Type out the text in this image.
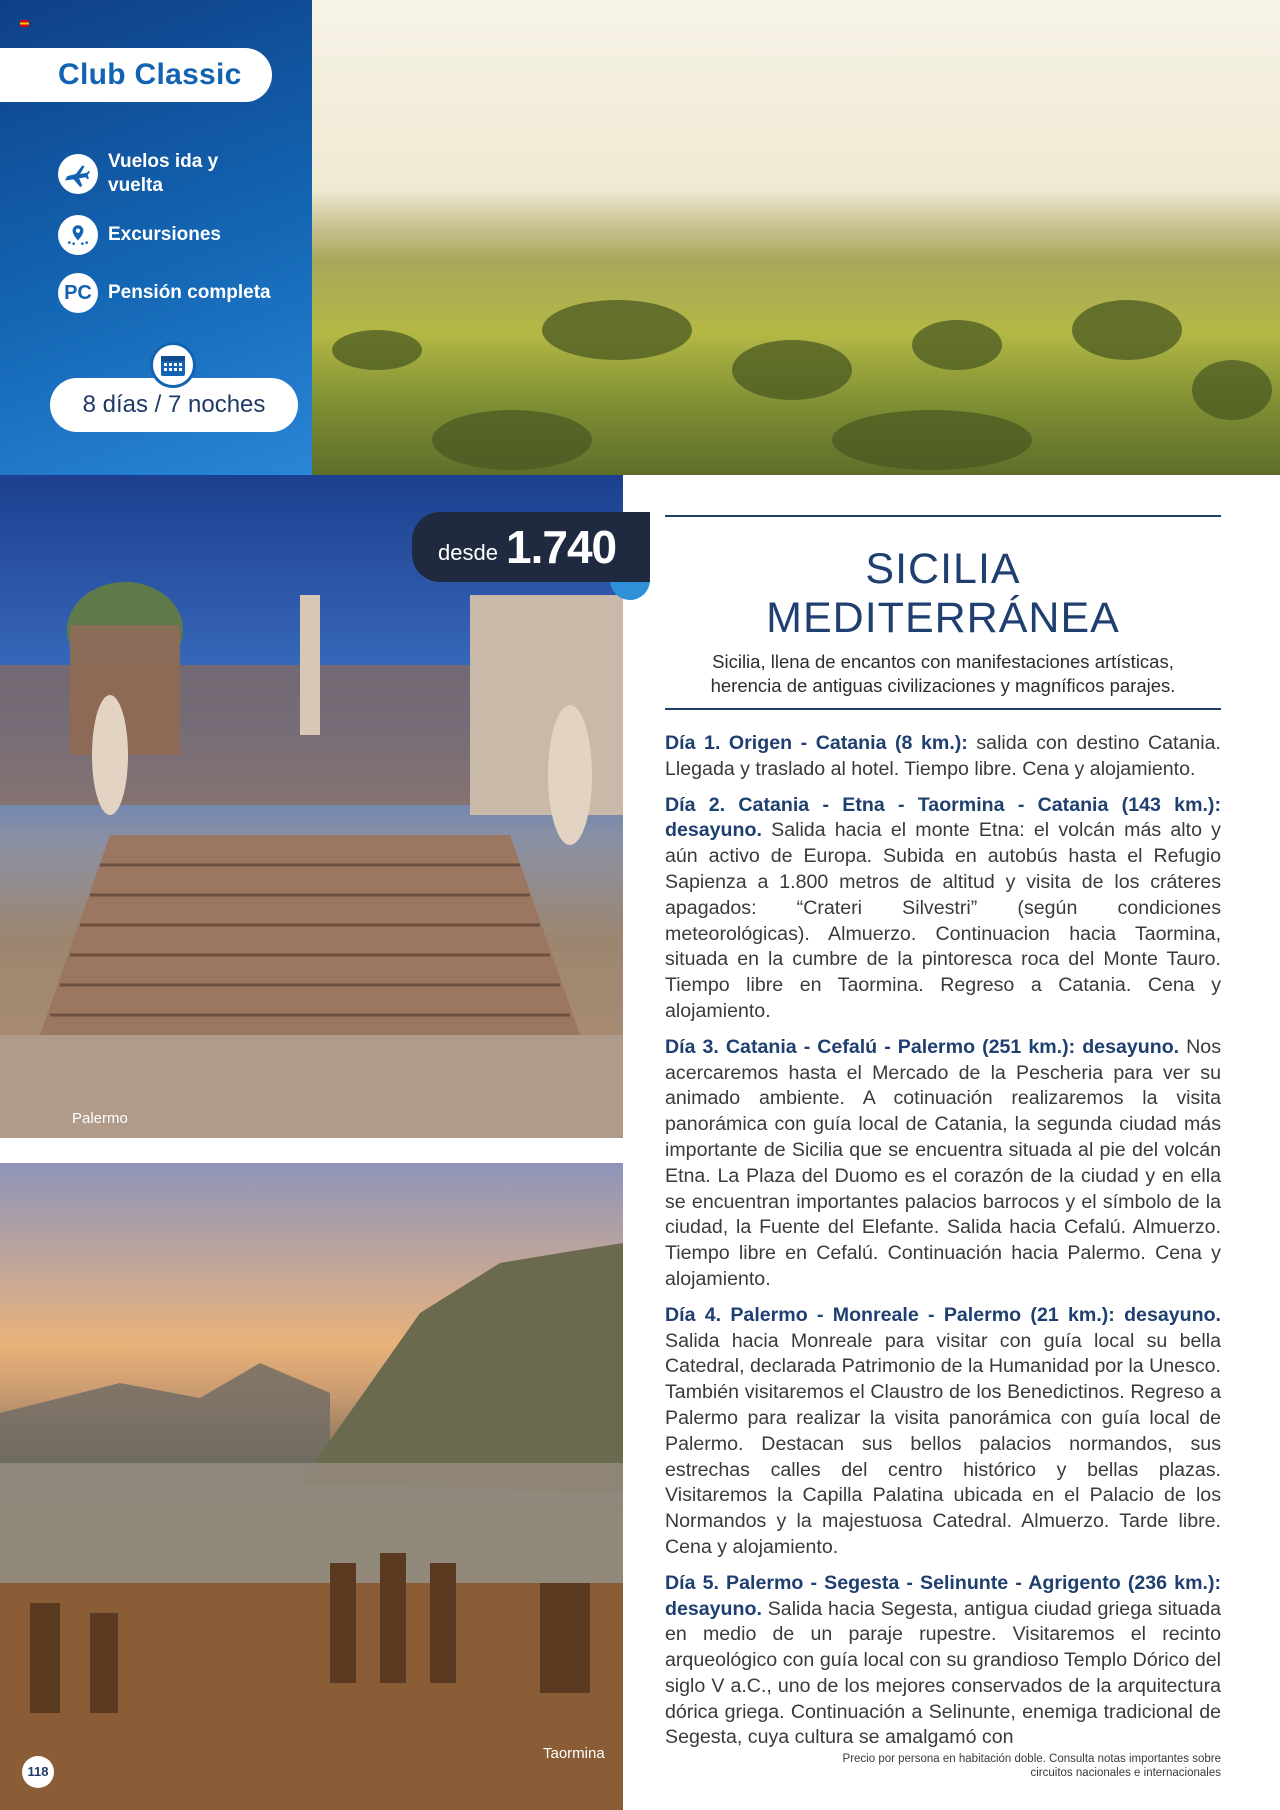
Club Classic
Vuelos ida y
vuelta
Excursiones
PC Pensión completa
8 días / 7 noches
Palermo
desde 1.740
Taormina
118
SICILIA
MEDITERRÁNEA
Sicilia, llena de encantos con manifestaciones artísticas,
herencia de antiguas civilizaciones y magníficos parajes.

Día 1. Origen - Catania (8 km.): salida con destino Catania. Llegada y traslado al hotel. Tiempo libre. Cena y alojamiento.

Día 2. Catania - Etna - Taormina - Catania (143 km.): desayuno. Salida hacia el monte Etna: el volcán más alto y aún activo de Europa. Subida en autobús hasta el Refugio Sapienza a 1.800 metros de altitud y visita de los cráteres apagados: “Crateri Silvestri” (según condiciones meteorológicas). Almuerzo. Continuacion hacia Taormina, situada en la cumbre de la pintoresca roca del Monte Tauro. Tiempo libre en Taormina. Regreso a Catania. Cena y alojamiento.

Día 3. Catania - Cefalú - Palermo (251 km.): desayuno. Nos acercaremos hasta el Mercado de la Pescheria para ver su animado ambiente. A cotinuación realizaremos la visita panorámica con guía local de Catania, la segunda ciudad más importante de Sicilia que se encuentra situada al pie del volcán Etna. La Plaza del Duomo es el corazón de la ciudad y en ella se encuentran importantes palacios barrocos y el símbolo de la ciudad, la Fuente del Elefante. Salida hacia Cefalú. Almuerzo. Tiempo libre en Cefalú. Continuación hacia Palermo. Cena y alojamiento.

Día 4. Palermo - Monreale - Palermo (21 km.): desayuno. Salida hacia Monreale para visitar con guía local su bella Catedral, declarada Patrimonio de la Humanidad por la Unesco. También visitaremos el Claustro de los Benedictinos. Regreso a Palermo para realizar la visita panorámica con guía local de Palermo. Destacan sus bellos palacios normandos, sus estrechas calles del centro histórico y bellas plazas. Visitaremos la Capilla Palatina ubicada en el Palacio de los Normandos y la majestuosa Catedral. Almuerzo. Tarde libre. Cena y alojamiento.

Día 5. Palermo - Segesta - Selinunte - Agrigento (236 km.): desayuno. Salida hacia Segesta, antigua ciudad griega situada en medio de un paraje rupestre. Visitaremos el recinto arqueológico con guía local con su grandioso Templo Dórico del siglo V a.C., uno de los mejores conservados de la arquitectura dórica griega. Continuación a Selinunte, enemiga tradicional de Segesta, cuya cultura se amalgamó con

Precio por persona en habitación doble. Consulta notas importantes sobre
circuitos nacionales e internacionales
